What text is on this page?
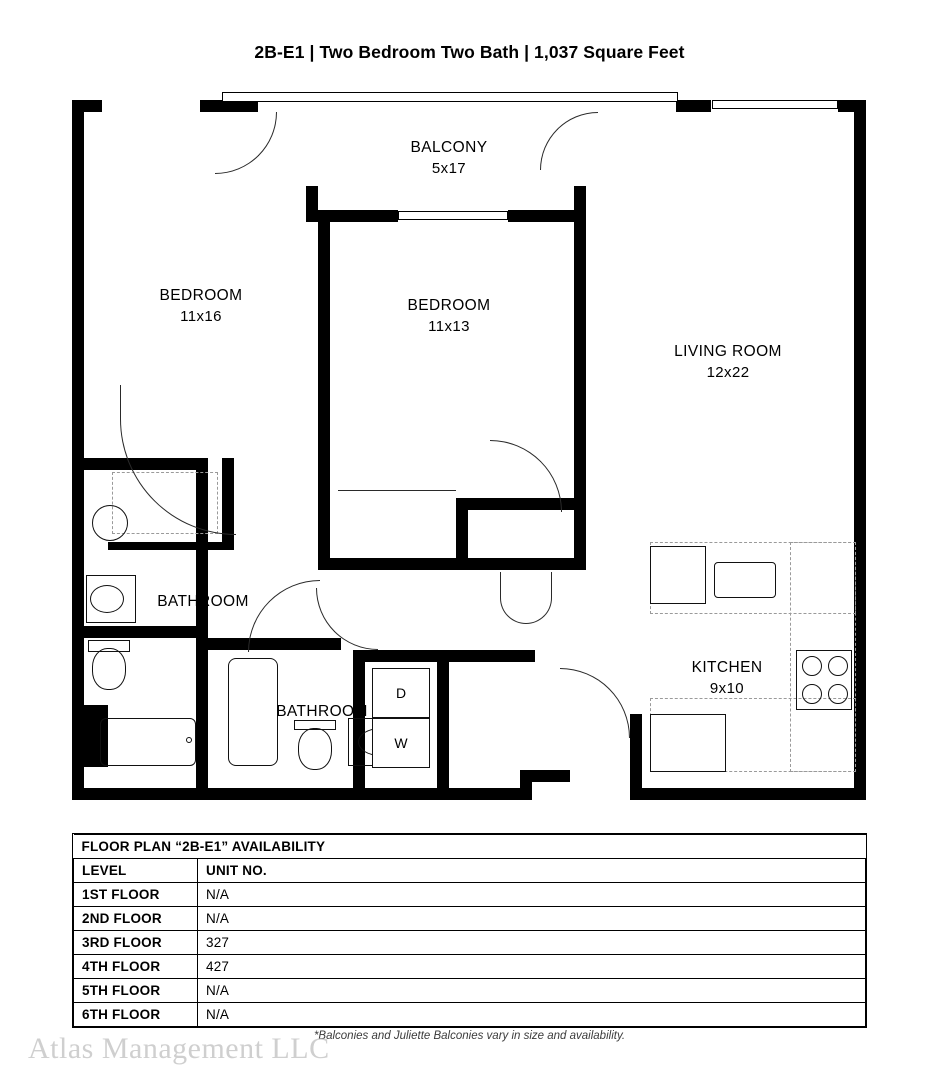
2B-E1 | Two Bedroom Two Bath | 1,037 Square Feet
D
W
BALCONY
5x17
BEDROOM
11x16
BEDROOM
11x13
LIVING ROOM
12x22
BATHROOM
BATHROOM
KITCHEN
9x10
FLOOR PLAN “2B-E1” AVAILABILITY	
LEVEL	UNIT NO.
1ST FLOOR	N/A
2ND FLOOR	N/A
3RD FLOOR	327
4TH FLOOR	427
5TH FLOOR	N/A
6TH FLOOR	N/A
*Balconies and Juliette Balconies vary in size and availability.
Atlas Management LLC
